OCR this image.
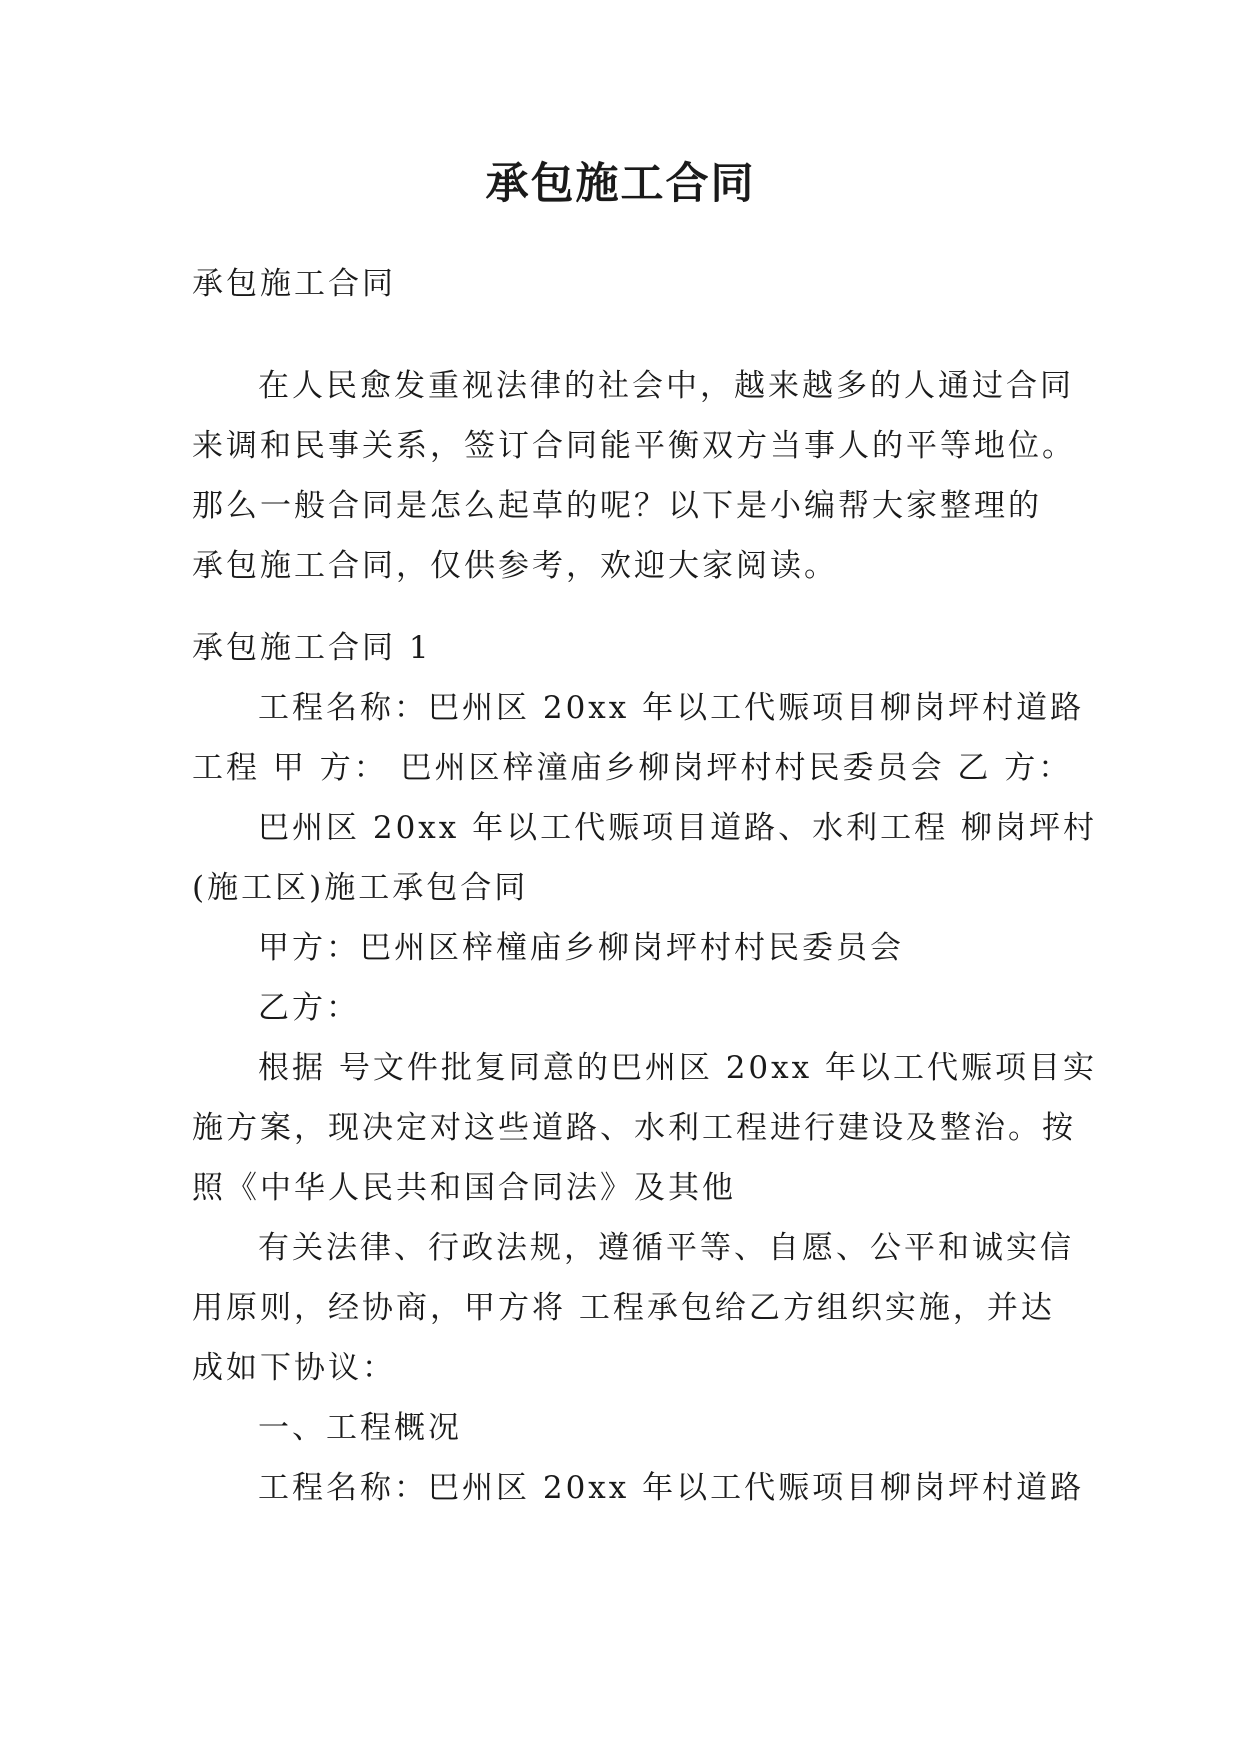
承包施工合同
承包施工合同
在人民愈发重视法律的社会中，越来越多的人通过合同
来调和民事关系，签订合同能平衡双方当事人的平等地位。
那么一般合同是怎么起草的呢？以下是小编帮大家整理的
承包施工合同，仅供参考，欢迎大家阅读。
承包施工合同 1
工程名称：巴州区 20xx 年以工代赈项目柳岗坪村道路
工程 甲 方： 巴州区梓潼庙乡柳岗坪村村民委员会 乙 方：
巴州区 20xx 年以工代赈项目道路、水利工程 柳岗坪村
(施工区)施工承包合同
甲方：巴州区梓橦庙乡柳岗坪村村民委员会
乙方：
根据 号文件批复同意的巴州区 20xx 年以工代赈项目实
施方案，现决定对这些道路、水利工程进行建设及整治。按
照《中华人民共和国合同法》及其他
有关法律、行政法规，遵循平等、自愿、公平和诚实信
用原则，经协商，甲方将 工程承包给乙方组织实施，并达
成如下协议：
一、工程概况
工程名称：巴州区 20xx 年以工代赈项目柳岗坪村道路
